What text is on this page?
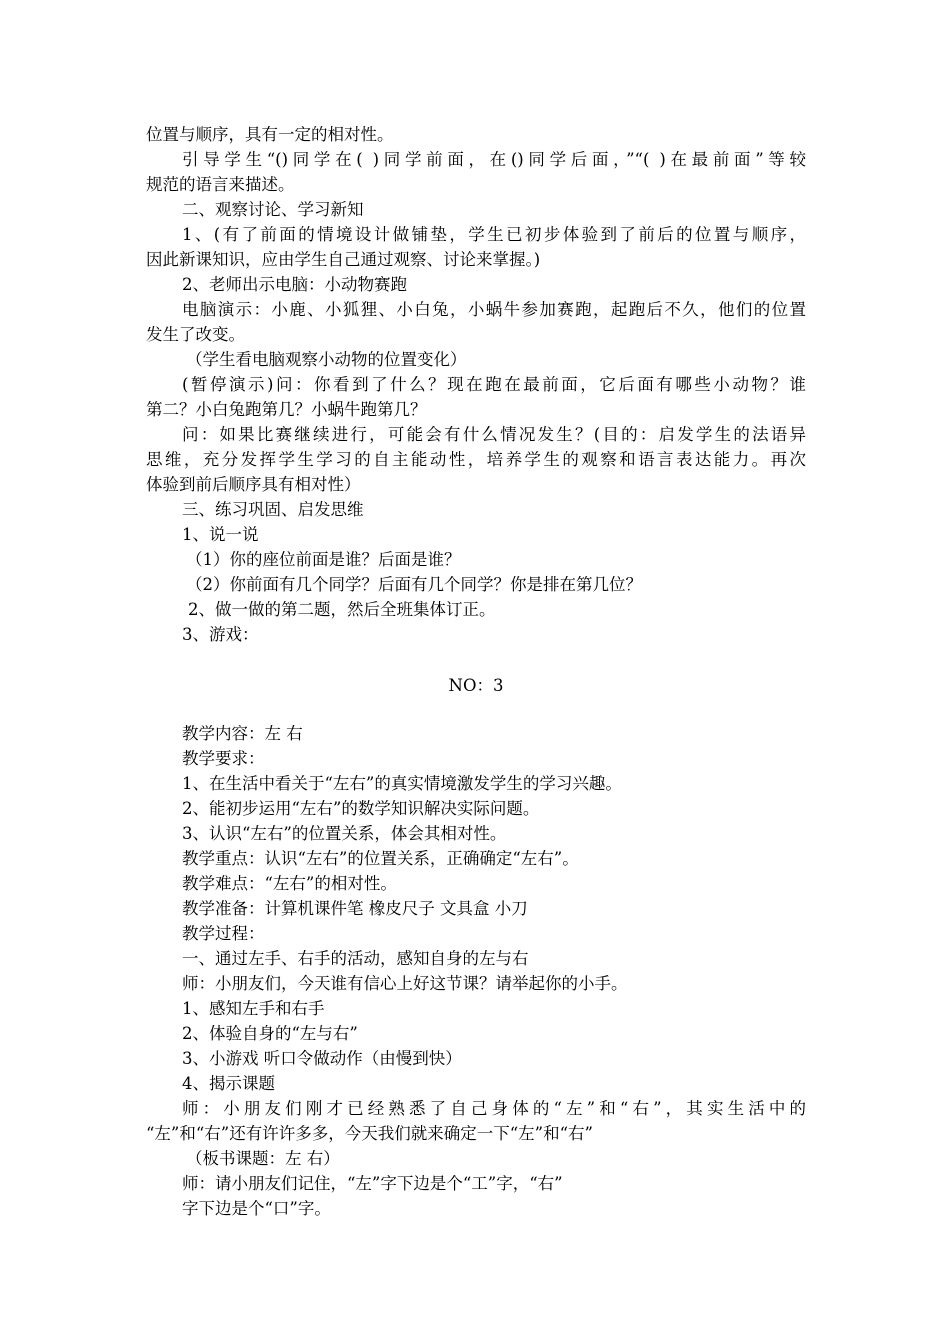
位置与顺序，具有一定的相对性。
引导学生“()同学在( )同学前面，在()同学后面，”“( )在最前面”等较
规范的语言来描述。
二、观察讨论、学习新知
1、(有了前面的情境设计做铺垫，学生已初步体验到了前后的位置与顺序，
因此新课知识，应由学生自己通过观察、讨论来掌握。)
2、老师出示电脑：小动物赛跑
电脑演示：小鹿、小狐狸、小白兔，小蜗牛参加赛跑，起跑后不久，他们的位置
发生了改变。
（学生看电脑观察小动物的位置变化）
(暂停演示)问：你看到了什么？现在跑在最前面，它后面有哪些小动物？谁
第二？小白兔跑第几？小蜗牛跑第几？
问：如果比赛继续进行，可能会有什么情况发生？(目的：启发学生的法语异
思维，充分发挥学生学习的自主能动性，培养学生的观察和语言表达能力。再次
体验到前后顺序具有相对性）
三、练习巩固、启发思维
1、说一说
（1）你的座位前面是谁？后面是谁？
（2）你前面有几个同学？后面有几个同学？你是排在第几位？
2、做一做的第二题，然后全班集体订正。
3、游戏：
NO：3
教学内容：左 右
教学要求：
1、在生活中看关于“左右”的真实情境激发学生的学习兴趣。
2、能初步运用“左右”的数学知识解决实际问题。
3、认识“左右”的位置关系，体会其相对性。
教学重点：认识“左右”的位置关系，正确确定“左右”。
教学难点：“左右”的相对性。
教学准备：计算机课件笔 橡皮尺子 文具盒 小刀
教学过程：
一、通过左手、右手的活动，感知自身的左与右
师：小朋友们，今天谁有信心上好这节课？请举起你的小手。
1、感知左手和右手
2、体验自身的“左与右”
3、小游戏 听口令做动作（由慢到快）
4、揭示课题
师：小朋友们刚才已经熟悉了自己身体的“左”和“右”，其实生活中的
“左”和“右”还有许许多多，今天我们就来确定一下“左”和“右”
（板书课题：左 右）
师：请小朋友们记住，“左”字下边是个“工”字，“右”
字下边是个“口”字。
